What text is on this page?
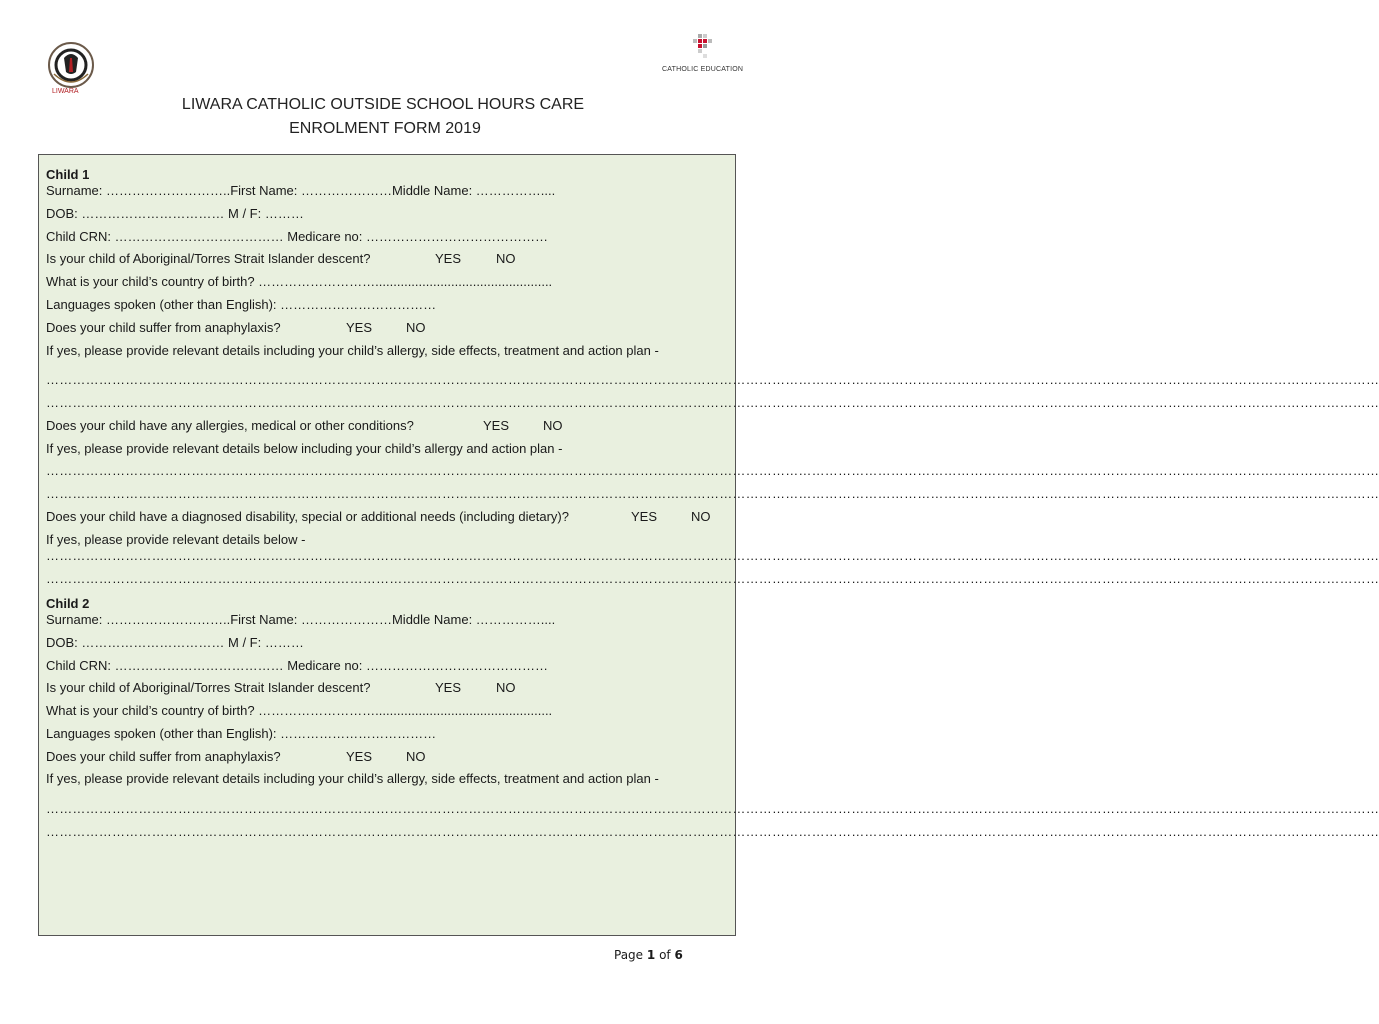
LIWARA
CATHOLIC EDUCATION
LIWARA CATHOLIC OUTSIDE SCHOOL HOURS CARE
ENROLMENT FORM 2019
Child 1
Surname: ………………………..First Name: …………………Middle Name: ……………....
DOB: …………………………… M / F: ………
Child CRN: ………………………………… Medicare no: ……………………………………
Is your child of Aboriginal/Torres Strait Islander descent?	YES	NO
What is your child’s country of birth? ……………………….................................................
Languages spoken (other than English): ………………………………
Does your child suffer from anaphylaxis?	YES	NO
If yes, please provide relevant details including your child’s allergy, side effects, treatment and action plan -
……………………………………………………………………………………………………………………………………………………………………………………………………………………………………………………………………………
……………………………………………………………………………………………………………………………………………………………………………………………………………………………………………………………………………
Does your child have any allergies, medical or other conditions?	YES	NO
If yes, please provide relevant details below including your child’s allergy and action plan -
……………………………………………………………………………………………………………………………………………………………………………………………………………………………………………………………………………
……………………………………………………………………………………………………………………………………………………………………………………………………………………………………………………………………………
Does your child have a diagnosed disability, special or additional needs (including dietary)?	YES	NO
If yes, please provide relevant details below -
……………………………………………………………………………………………………………………………………………………………………………………………………………………………………………………………………………
……………………………………………………………………………………………………………………………………………………………………………………………………………………………………………………………………………
Child 2
Surname: ………………………..First Name: …………………Middle Name: ……………....
DOB: …………………………… M / F: ………
Child CRN: ………………………………… Medicare no: ……………………………………
Is your child of Aboriginal/Torres Strait Islander descent?	YES	NO
What is your child’s country of birth? ……………………….................................................
Languages spoken (other than English): ………………………………
Does your child suffer from anaphylaxis?	YES	NO
If yes, please provide relevant details including your child’s allergy, side effects, treatment and action plan -
……………………………………………………………………………………………………………………………………………………………………………………………………………………………………………………………………………
……………………………………………………………………………………………………………………………………………………………………………………………………………………………………………………………………………
Page 1 of 6
